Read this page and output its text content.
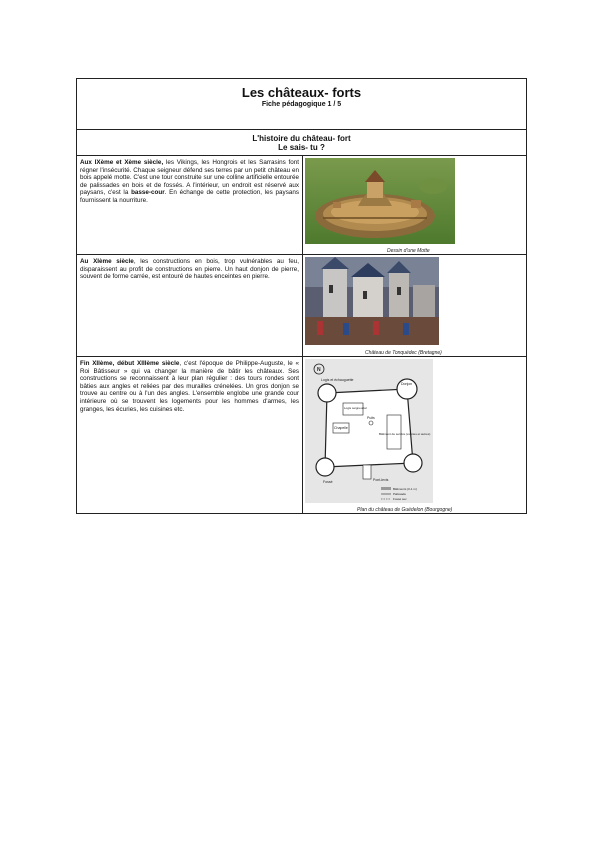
Les châteaux- forts
Fiche pédagogique 1 / 5
L'histoire du château- fort
Le sais- tu ?
Aux IXème et Xème siècle, les Vikings, les Hongrois et les Sarrasins font régner l'insécurité. Chaque seigneur défend ses terres par un petit château en bois appelé motte. C'est une tour construite sur une colline artificielle entourée de palissades en bois et de fossés. A l'intérieur, un endroit est réservé aux paysans, c'est la basse-cour. En échange de cette protection, les paysans fournissent la nourriture.
Dessin d'une Motte
Au XIème siècle, les constructions en bois, trop vulnérables au feu, disparaissent au profit de constructions en pierre. Un haut donjon de pierre, souvent de forme carrée, est entouré de hautes enceintes en pierre.
Château de Tonquédec (Bretagne)
Fin XIIème, début XIIIème siècle, c'est l'époque de Philippe-Auguste, le « Roi Bâtisseur » qui va changer la manière de bâtir les châteaux. Ses constructions se reconnaissent à leur plan régulier : des tours rondes sont bâties aux angles et reliées par des murailles crénelées. Un gros donjon se trouve au centre ou à l'un des angles. L'ensemble englobe une grande cour intérieure où se trouvent les logements pour les hommes d'armes, les granges, les écuries, les cuisines etc.
N
Logis et échauguette
Donjon
Logis seigneurial
Chapelle
Puits
Bâtiment de service (écuries et autres)
Fossé	Pont-levis
Bâtiments (0-1 m)
Palissade
Fossé sec
Plan du château de Guédelon (Bourgogne)
